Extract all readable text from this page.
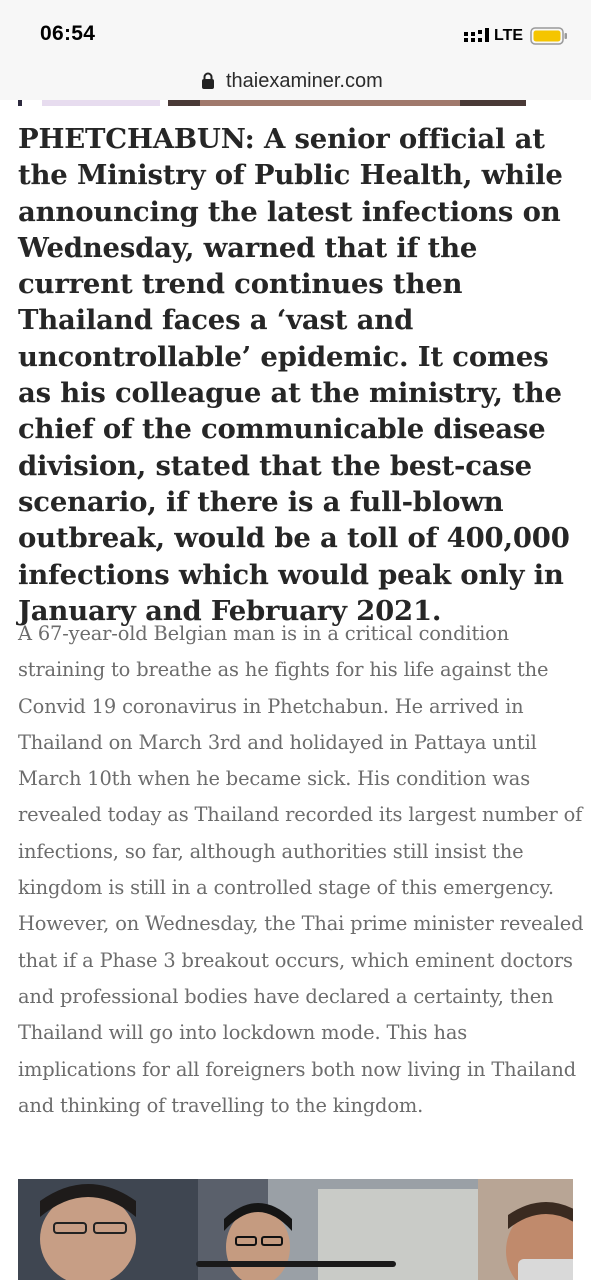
06:54	LTE
thaiexaminer.com

PHETCHABUN: A senior official at the Ministry of Public Health, while announcing the latest infections on Wednesday, warned that if the current trend continues then Thailand faces a ‘vast and uncontrollable’ epidemic. It comes as his colleague at the ministry, the chief of the communicable disease division, stated that the best-case scenario, if there is a full-blown outbreak, would be a toll of 400,000 infections which would peak only in January and February 2021.

A 67-year-old Belgian man is in a critical condition straining to breathe as he fights for his life against the Convid 19 coronavirus in Phetchabun. He arrived in Thailand on March 3rd and holidayed in Pattaya until March 10th when he became sick. His condition was revealed today as Thailand recorded its largest number of infections, so far, although authorities still insist the kingdom is still in a controlled stage of this emergency. However, on Wednesday, the Thai prime minister revealed that if a Phase 3 breakout occurs, which eminent doctors and professional bodies have declared a certainty, then Thailand will go into lockdown mode. This has implications for all foreigners both now living in Thailand and thinking of travelling to the kingdom.
